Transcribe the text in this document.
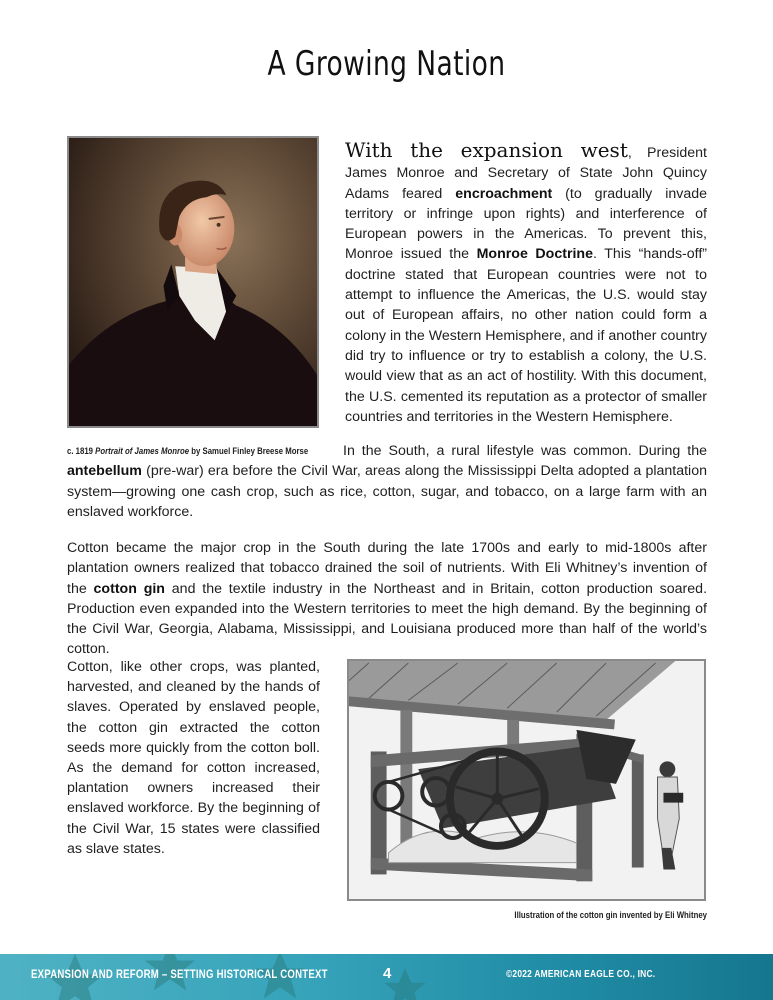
A Growing Nation
c. 1819 Portrait of James Monroe by Samuel Finley Breese Morse

With the expansion west, President James Monroe and Secretary of State John Quincy Adams feared encroachment (to gradually invade territory or infringe upon rights) and interference of European powers in the Americas. To prevent this, Monroe issued the Monroe Doctrine. This “hands-off” doctrine stated that European countries were not to attempt to influence the Americas, the U.S. would stay out of European affairs, no other nation could form a colony in the Western Hemisphere, and if another country did try to influence or try to establish a colony, the U.S. would view that as an act of hostility. With this document, the U.S. cemented its reputation as a protector of smaller countries and territories in the Western Hemisphere.

In the South, a rural lifestyle was common. During the antebellum (pre-war) era before the Civil War, areas along the Mississippi Delta adopted a plantation system—growing one cash crop, such as rice, cotton, sugar, and tobacco, on a large farm with an enslaved workforce.

Cotton became the major crop in the South during the late 1700s and early to mid-1800s after plantation owners realized that tobacco drained the soil of nutrients. With Eli Whitney’s invention of the cotton gin and the textile industry in the Northeast and in Britain, cotton production soared. Production even expanded into the Western territories to meet the high demand. By the beginning of the Civil War, Georgia, Alabama, Mississippi, and Louisiana produced more than half of the world’s cotton.

Cotton, like other crops, was planted, harvested, and cleaned by the hands of slaves. Operated by enslaved people, the cotton gin extracted the cotton seeds more quickly from the cotton boll. As the demand for cotton increased, plantation owners increased their enslaved workforce. By the beginning of the Civil War, 15 states were classified as slave states.

Illustration of the cotton gin invented by Eli Whitney
EXPANSION AND REFORM – SETTING HISTORICAL CONTEXT	4	©2022 AMERICAN EAGLE CO., INC.
